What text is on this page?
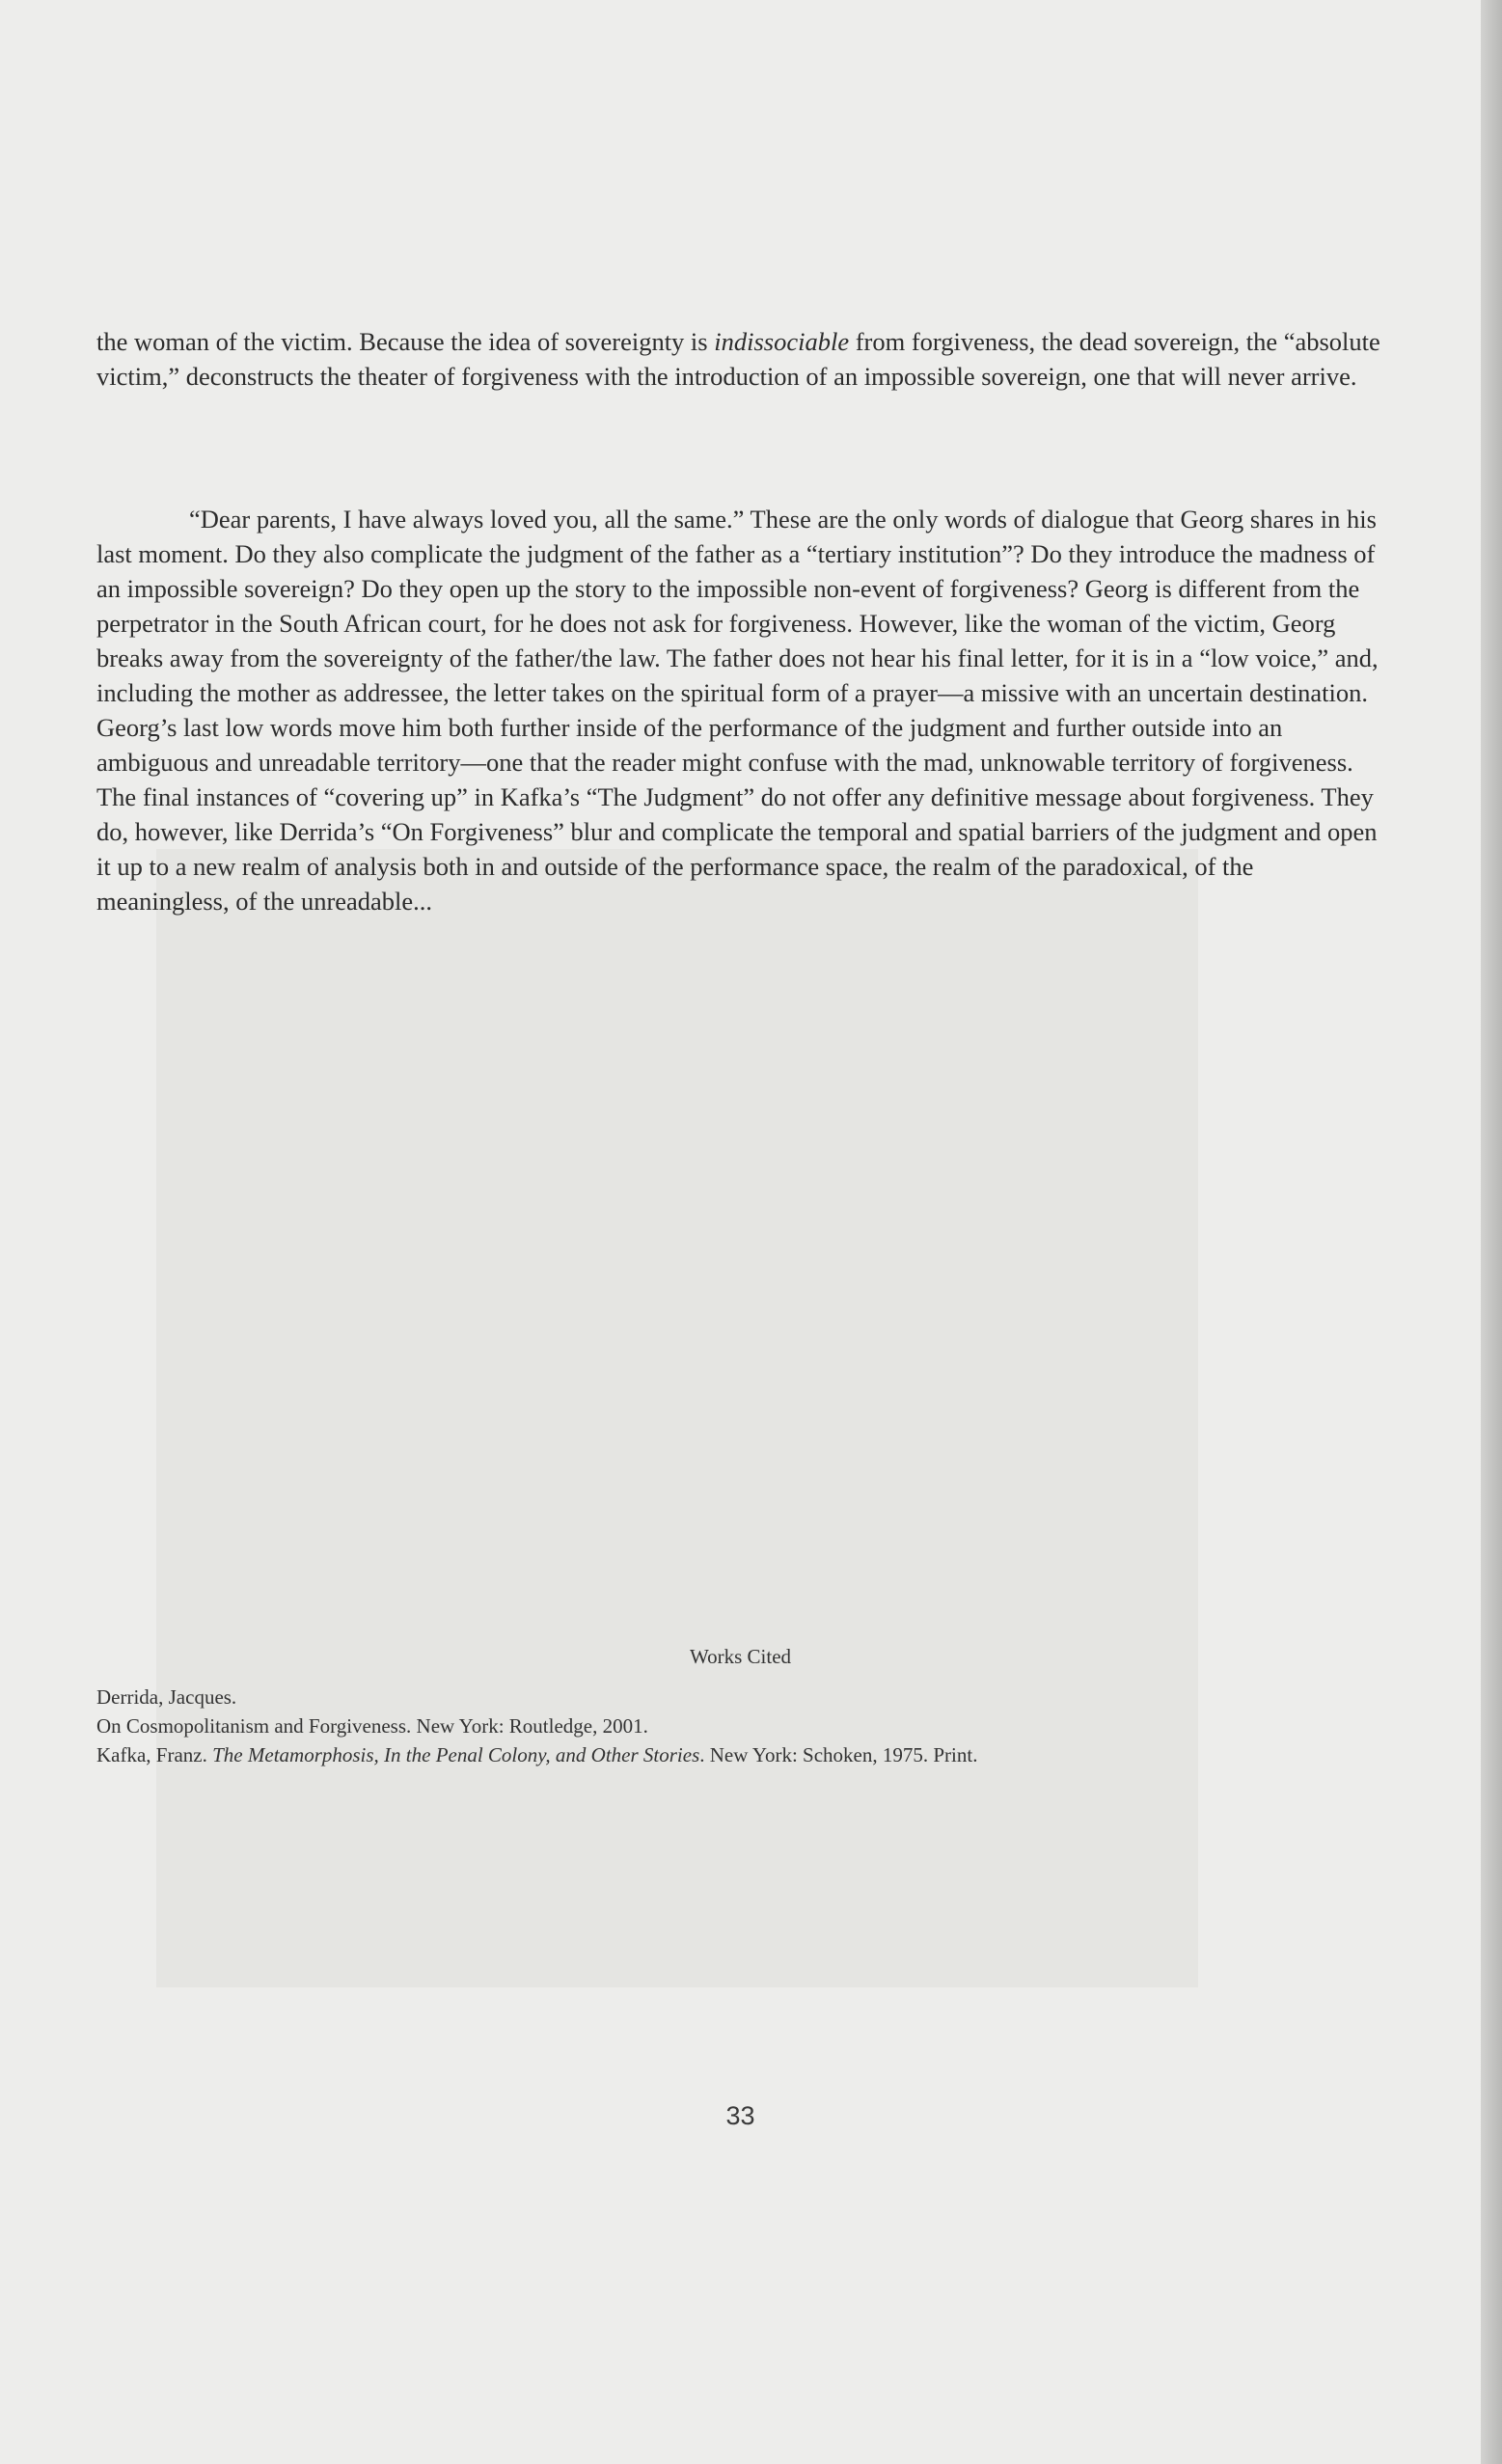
the woman of the victim. Because the idea of sovereignty is indissociable from forgiveness, the dead sovereign, the “absolute victim,” deconstructs the theater of forgiveness with the introduction of an impossible sovereign, one that will never arrive.

“Dear parents, I have always loved you, all the same.” These are the only words of dialogue that Georg shares in his last moment. Do they also complicate the judgment of the father as a “tertiary institution”? Do they introduce the madness of an impossible sovereign? Do they open up the story to the impossible non-event of forgiveness? Georg is different from the perpetrator in the South African court, for he does not ask for forgiveness. However, like the woman of the victim, Georg breaks away from the sovereignty of the father/the law. The father does not hear his final letter, for it is in a “low voice,” and, including the mother as addressee, the letter takes on the spiritual form of a prayer—a missive with an uncertain destination. Georg’s last low words move him both further inside of the performance of the judgment and further outside into an ambiguous and unreadable territory—one that the reader might confuse with the mad, unknowable territory of forgiveness. The final instances of “covering up” in Kafka’s “The Judgment” do not offer any definitive message about forgiveness. They do, however, like Derrida’s “On Forgiveness” blur and complicate the temporal and spatial barriers of the judgment and open it up to a new realm of analysis both in and outside of the performance space, the realm of the paradoxical, of the meaningless, of the unreadable...

Works Cited
Derrida, Jacques.
On Cosmopolitanism and Forgiveness. New York: Routledge, 2001.
Kafka, Franz. The Metamorphosis, In the Penal Colony, and Other Stories. New York: Schoken, 1975. Print.
33
